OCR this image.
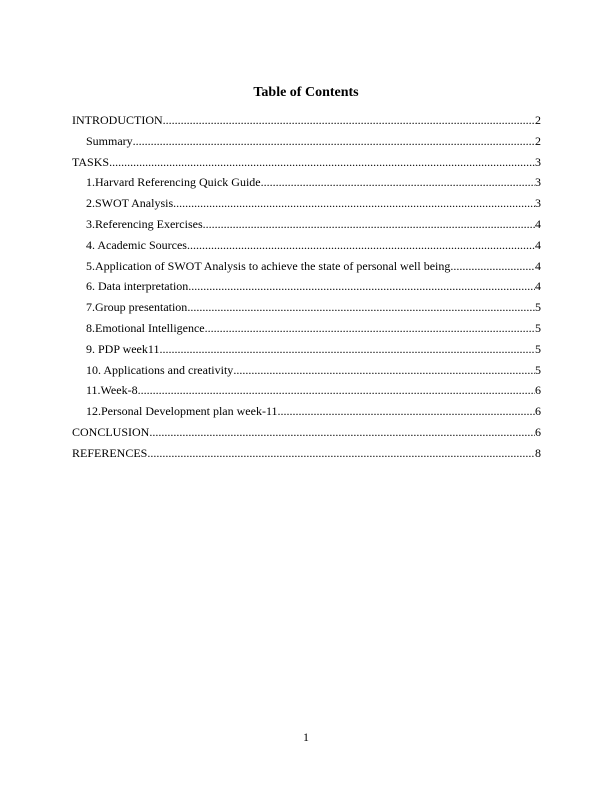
Table of Contents
INTRODUCTION .....	2
Summary .....	2
TASKS .....	3
1.Harvard Referencing Quick Guide .....	3
2.SWOT Analysis .....	3
3.Referencing Exercises .....	4
4. Academic Sources .....	4
5.Application of SWOT Analysis to achieve the state of personal well being .....	4
6. Data interpretation .....	4
7.Group presentation .....	5
8.Emotional Intelligence .....	5
9. PDP week11 .....	5
10. Applications and creativity .....	5
11.Week-8 .....	6
12.Personal Development plan week-11 .....	6
CONCLUSION .....	6
REFERENCES .....	8
1
